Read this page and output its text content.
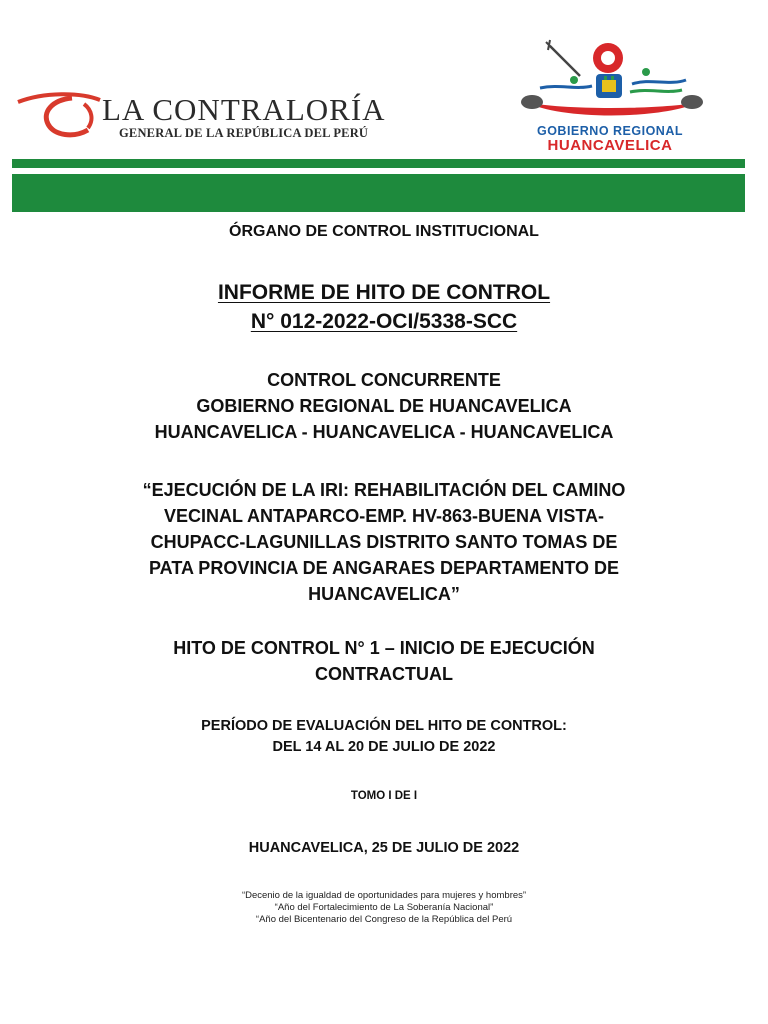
LA CONTRALORÍA
GENERAL DE LA REPÚBLICA DEL PERÚ	GOBIERNO REGIONAL
HUANCAVELICA
ÓRGANO DE CONTROL INSTITUCIONAL
INFORME DE HITO DE CONTROL
N° 012-2022-OCI/5338-SCC
CONTROL CONCURRENTE
GOBIERNO REGIONAL DE HUANCAVELICA
HUANCAVELICA - HUANCAVELICA - HUANCAVELICA
“EJECUCIÓN DE LA IRI: REHABILITACIÓN DEL CAMINO
VECINAL ANTAPARCO-EMP. HV-863-BUENA VISTA-
CHUPACC-LAGUNILLAS DISTRITO SANTO TOMAS DE
PATA PROVINCIA DE ANGARAES DEPARTAMENTO DE
HUANCAVELICA”
HITO DE CONTROL N° 1 – INICIO DE EJECUCIÓN
CONTRACTUAL
PERÍODO DE EVALUACIÓN DEL HITO DE CONTROL:
DEL 14 AL 20 DE JULIO DE 2022
TOMO I DE I
HUANCAVELICA, 25 DE JULIO DE 2022
“Decenio de la igualdad de oportunidades para mujeres y hombres”
“Año del Fortalecimiento de La Soberanía Nacional”
“Año del Bicentenario del Congreso de la República del Perú
